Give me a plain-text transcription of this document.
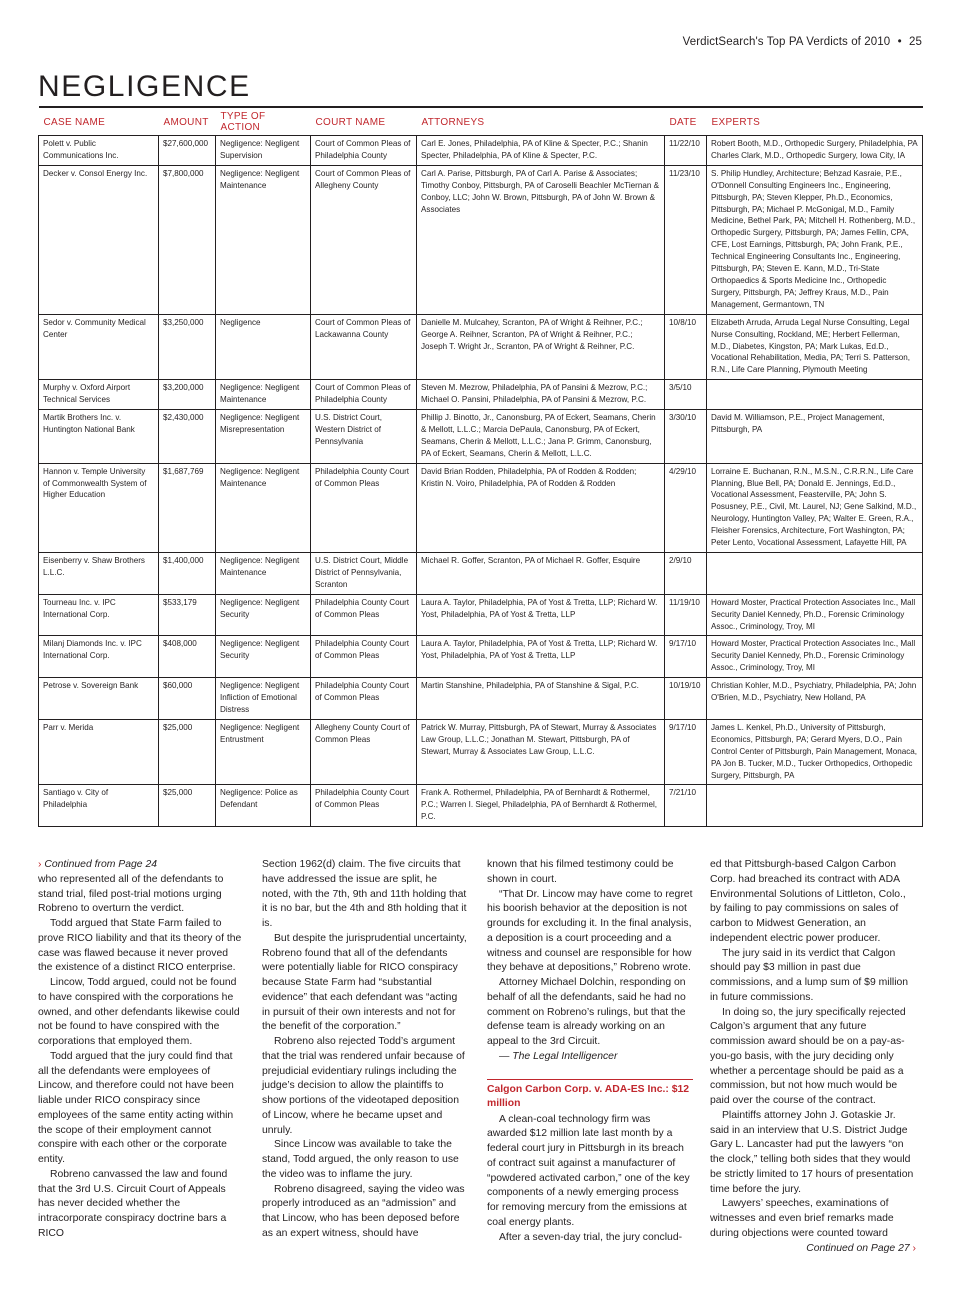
VerdictSearch's Top PA Verdicts of 2010 • 25
NEGLIGENCE
CASE NAME	AMOUNT	TYPE OF ACTION	COURT NAME	ATTORNEYS	DATE	EXPERTS
Polett v. Public Communications Inc.	$27,600,000	Negligence: Negligent Supervision	Court of Common Pleas of Philadelphia County	Carl E. Jones, Philadelphia, PA of Kline & Specter, P.C.; Shanin Specter, Philadelphia, PA of Kline & Specter, P.C.	11/22/10	Robert Booth, M.D., Orthopedic Surgery, Philadelphia, PA Charles Clark, M.D., Orthopedic Surgery, Iowa City, IA
Decker v. Consol Energy Inc.	$7,800,000	Negligence: Negligent Maintenance	Court of Common Pleas of Allegheny County	Carl A. Parise, Pittsburgh, PA of Carl A. Parise & Associates; Timothy Conboy, Pittsburgh, PA of Caroselli Beachler McTiernan & Conboy, LLC; John W. Brown, Pittsburgh, PA of John W. Brown & Associates	11/23/10	S. Philip Hundley, Architecture; Behzad Kasraie, P.E., O'Donnell Consulting Engineers Inc., Engineering, Pittsburgh, PA; Steven Klepper, Ph.D., Economics, Pittsburgh, PA; Michael P. McGonigal, M.D., Family Medicine, Bethel Park, PA; Mitchell H. Rothenberg, M.D., Orthopedic Surgery, Pittsburgh, PA; James Fellin, CPA, CFE, Lost Earnings, Pittsburgh, PA; John Frank, P.E., Technical Engineering Consultants Inc., Engineering, Pittsburgh, PA; Steven E. Kann, M.D., Tri-State Orthopaedics & Sports Medicine Inc., Orthopedic Surgery, Pittsburgh, PA; Jeffrey Kraus, M.D., Pain Management, Germantown, TN
Sedor v. Community Medical Center	$3,250,000	Negligence	Court of Common Pleas of Lackawanna County	Danielle M. Mulcahey, Scranton, PA of Wright & Reihner, P.C.; George A. Reihner, Scranton, PA of Wright & Reihner, P.C.; Joseph T. Wright Jr., Scranton, PA of Wright & Reihner, P.C.	10/8/10	Elizabeth Arruda, Arruda Legal Nurse Consulting, Legal Nurse Consulting, Rockland, ME; Herbert Fellerman, M.D., Diabetes, Kingston, PA; Mark Lukas, Ed.D., Vocational Rehabilitation, Media, PA; Terri S. Patterson, R.N., Life Care Planning, Plymouth Meeting
Murphy v. Oxford Airport Technical Services	$3,200,000	Negligence: Negligent Maintenance	Court of Common Pleas of Philadelphia County	Steven M. Mezrow, Philadelphia, PA of Pansini & Mezrow, P.C.; Michael O. Pansini, Philadelphia, PA of Pansini & Mezrow, P.C.	3/5/10	
Martik Brothers Inc. v. Huntington National Bank	$2,430,000	Negligence: Negligent Misrepresentation	U.S. District Court, Western District of Pennsylvania	Phillip J. Binotto, Jr., Canonsburg, PA of Eckert, Seamans, Cherin & Mellott, L.L.C.; Marcia DePaula, Canonsburg, PA of Eckert, Seamans, Cherin & Mellott, L.L.C.; Jana P. Grimm, Canonsburg, PA of Eckert, Seamans, Cherin & Mellott, L.L.C.	3/30/10	David M. Williamson, P.E., Project Management, Pittsburgh, PA
Hannon v. Temple University of Commonwealth System of Higher Education	$1,687,769	Negligence: Negligent Maintenance	Philadelphia County Court of Common Pleas	David Brian Rodden, Philadelphia, PA of Rodden & Rodden; Kristin N. Voiro, Philadelphia, PA of Rodden & Rodden	4/29/10	Lorraine E. Buchanan, R.N., M.S.N., C.R.R.N., Life Care Planning, Blue Bell, PA; Donald E. Jennings, Ed.D., Vocational Assessment, Feasterville, PA; John S. Posusney, P.E., Civil, Mt. Laurel, NJ; Gene Salkind, M.D., Neurology, Huntington Valley, PA; Walter E. Green, R.A., Fleisher Forensics, Architecture, Fort Washington, PA; Peter Lento, Vocational Assessment, Lafayette Hill, PA
Eisenberry v. Shaw Brothers L.L.C.	$1,400,000	Negligence: Negligent Maintenance	U.S. District Court, Middle District of Pennsylvania, Scranton	Michael R. Goffer, Scranton, PA of Michael R. Goffer, Esquire	2/9/10	
Tourneau Inc. v. IPC International Corp.	$533,179	Negligence: Negligent Security	Philadelphia County Court of Common Pleas	Laura A. Taylor, Philadelphia, PA of Yost & Tretta, LLP; Richard W. Yost, Philadelphia, PA of Yost & Tretta, LLP	11/19/10	Howard Moster, Practical Protection Associates Inc., Mall Security Daniel Kennedy, Ph.D., Forensic Criminology Assoc., Criminology, Troy, MI
Milanj Diamonds Inc. v. IPC International Corp.	$408,000	Negligence: Negligent Security	Philadelphia County Court of Common Pleas	Laura A. Taylor, Philadelphia, PA of Yost & Tretta, LLP; Richard W. Yost, Philadelphia, PA of Yost & Tretta, LLP	9/17/10	Howard Moster, Practical Protection Associates Inc., Mall Security Daniel Kennedy, Ph.D., Forensic Criminology Assoc., Criminology, Troy, MI
Petrose v. Sovereign Bank	$60,000	Negligence: Negligent Infliction of Emotional Distress	Philadelphia County Court of Common Pleas	Martin Stanshine, Philadelphia, PA of Stanshine & Sigal, P.C.	10/19/10	Christian Kohler, M.D., Psychiatry, Philadelphia, PA; John O'Brien, M.D., Psychiatry, New Holland, PA
Parr v. Merida	$25,000	Negligence: Negligent Entrustment	Allegheny County Court of Common Pleas	Patrick W. Murray, Pittsburgh, PA of Stewart, Murray & Associates Law Group, L.L.C.; Jonathan M. Stewart, Pittsburgh, PA of Stewart, Murray & Associates Law Group, L.L.C.	9/17/10	James L. Kenkel, Ph.D., University of Pittsburgh, Economics, Pittsburgh, PA; Gerard Myers, D.O., Pain Control Center of Pittsburgh, Pain Management, Monaca, PA Jon B. Tucker, M.D., Tucker Orthopedics, Orthopedic Surgery, Pittsburgh, PA
Santiago v. City of Philadelphia	$25,000	Negligence: Police as Defendant	Philadelphia County Court of Common Pleas	Frank A. Rothermel, Philadelphia, PA of Bernhardt & Rothermel, P.C.; Warren I. Siegel, Philadelphia, PA of Bernhardt & Rothermel, P.C.	7/21/10	

› Continued from Page 24

who represented all of the defendants to stand trial, filed post-trial motions urging Robreno to overturn the verdict.

Todd argued that State Farm failed to prove RICO liability and that its theory of the case was flawed because it never proved the existence of a distinct RICO enterprise.

Lincow, Todd argued, could not be found to have conspired with the corporations he owned, and other defendants likewise could not be found to have conspired with the corporations that employed them.

Todd argued that the jury could find that all the defendants were employees of Lincow, and therefore could not have been liable under RICO conspiracy since employees of the same entity acting within the scope of their employment cannot conspire with each other or the corporate entity.

Robreno canvassed the law and found that the 3rd U.S. Circuit Court of Appeals has never decided whether the intracorporate conspiracy doctrine bars a RICO

Section 1962(d) claim. The five circuits that have addressed the issue are split, he noted, with the 7th, 9th and 11th holding that it is no bar, but the 4th and 8th holding that it is.

But despite the jurisprudential uncertainty, Robreno found that all of the defendants were potentially liable for RICO conspiracy because State Farm had “substantial evidence” that each defendant was “acting in pursuit of their own interests and not for the benefit of the corporation.”

Robreno also rejected Todd’s argument that the trial was rendered unfair because of prejudicial evidentiary rulings including the judge’s decision to allow the plaintiffs to show portions of the videotaped deposition of Lincow, where he became upset and unruly.

Since Lincow was available to take the stand, Todd argued, the only reason to use the video was to inflame the jury.

Robreno disagreed, saying the video was properly introduced as an “admission” and that Lincow, who has been deposed before as an expert witness, should have

known that his filmed testimony could be shown in court.

“That Dr. Lincow may have come to regret his boorish behavior at the deposition is not grounds for excluding it. In the final analysis, a deposition is a court proceeding and a witness and counsel are responsible for how they behave at depositions,” Robreno wrote.

Attorney Michael Dolchin, responding on behalf of all the defendants, said he had no comment on Robreno’s rulings, but that the defense team is already working on an appeal to the 3rd Circuit.

— The Legal Intelligencer

Calgon Carbon Corp. v. ADA-ES Inc.: $12 million

A clean-coal technology firm was awarded $12 million late last month by a federal court jury in Pittsburgh in its breach of contract suit against a manufacturer of “powdered activated carbon,” one of the key components of a newly emerging process for removing mercury from the emissions at coal energy plants.

After a seven-day trial, the jury conclud-

ed that Pittsburgh-based Calgon Carbon Corp. had breached its contract with ADA Environmental Solutions of Littleton, Colo., by failing to pay commissions on sales of carbon to Midwest Generation, an independent electric power producer.

The jury said in its verdict that Calgon should pay $3 million in past due commissions, and a lump sum of $9 million in future commissions.

In doing so, the jury specifically rejected Calgon’s argument that any future commission award should be on a pay-as-you-go basis, with the jury deciding only whether a percentage should be paid as a commission, but not how much would be paid over the course of the contract.

Plaintiffs attorney John J. Gotaskie Jr. said in an interview that U.S. District Judge Gary L. Lancaster had put the lawyers “on the clock,” telling both sides that they would be strictly limited to 17 hours of presentation time before the jury.

Lawyers’ speeches, examinations of witnesses and even brief remarks made during objections were counted toward

Continued on Page 27 ›
